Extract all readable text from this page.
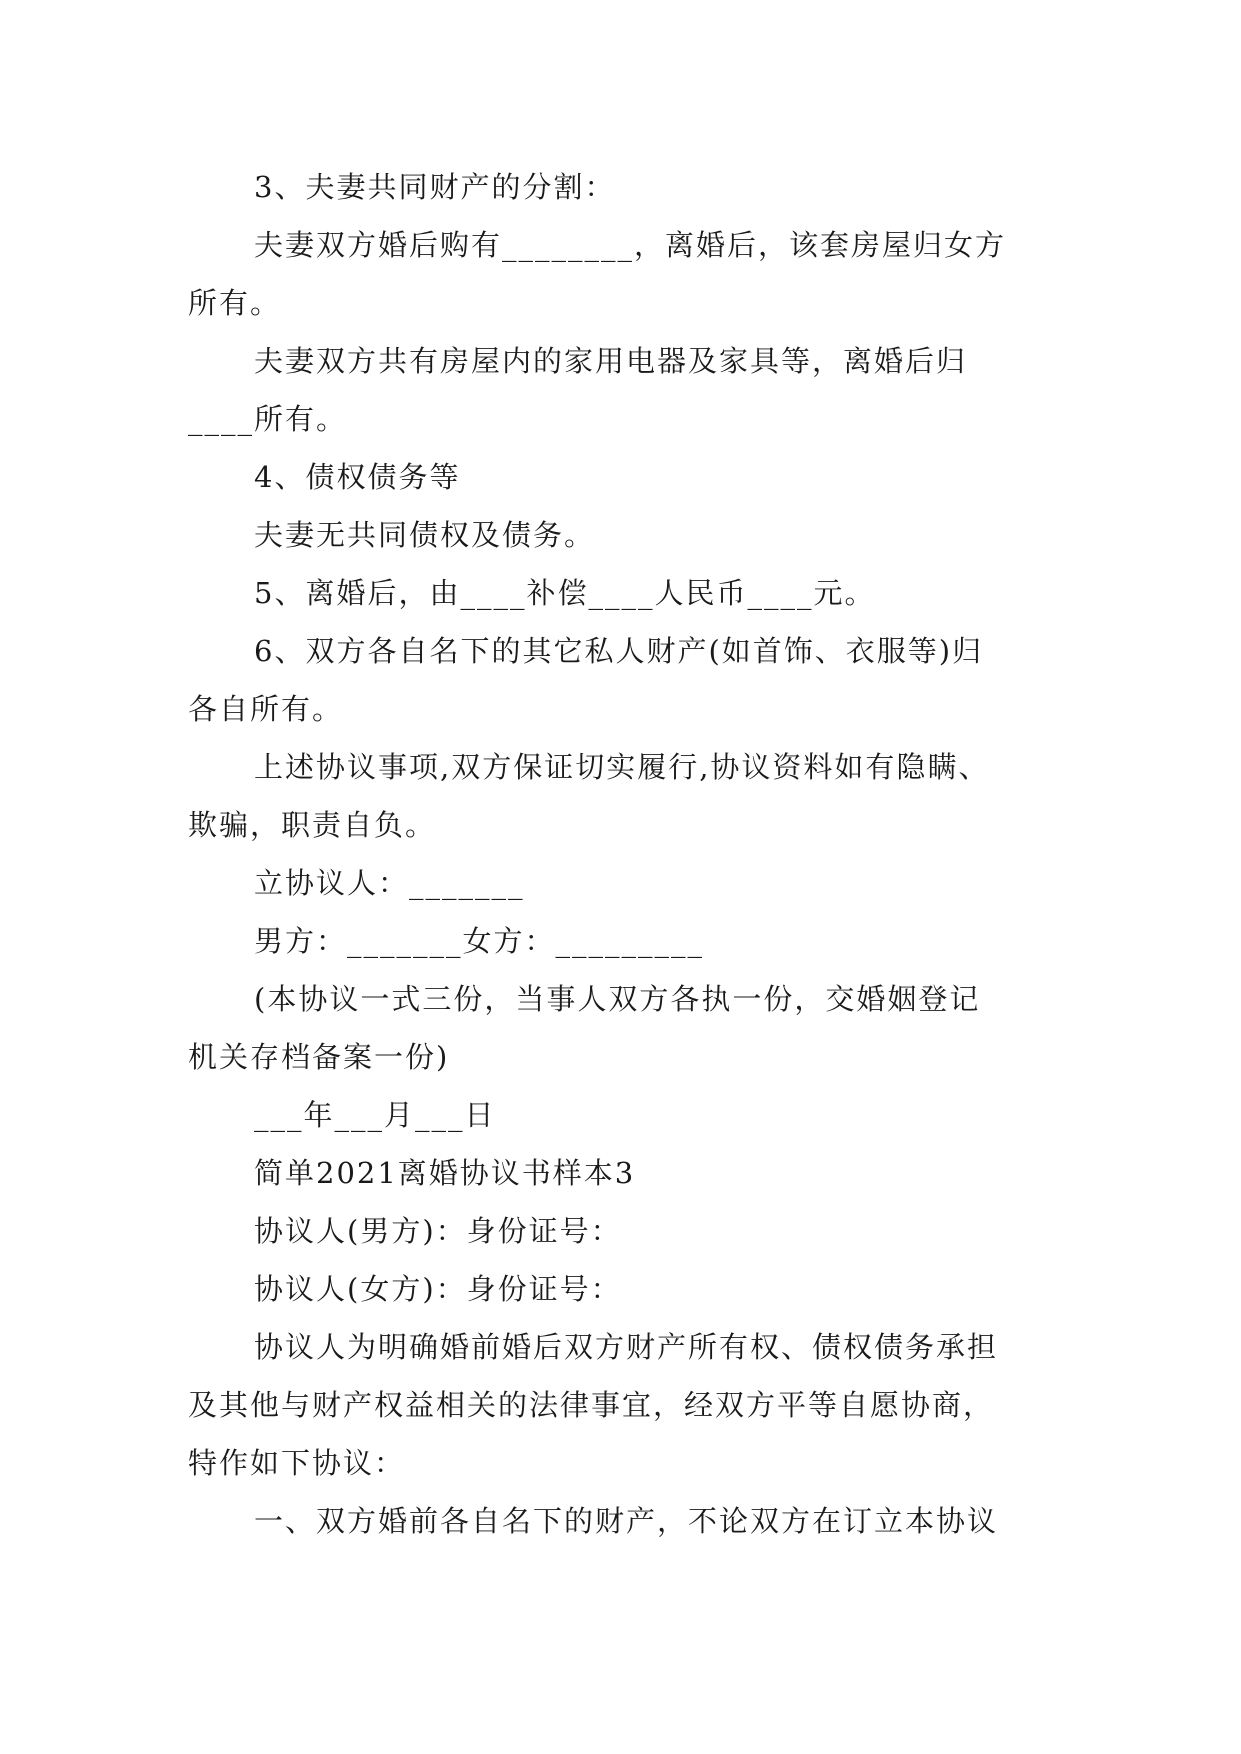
3、夫妻共同财产的分割：
夫妻双方婚后购有________，离婚后，该套房屋归女方
所有。
夫妻双方共有房屋内的家用电器及家具等，离婚后归
____所有。
4、债权债务等
夫妻无共同债权及债务。
5、离婚后，由____补偿____人民币____元。
6、双方各自名下的其它私人财产(如首饰、衣服等)归
各自所有。
上述协议事项,双方保证切实履行,协议资料如有隐瞒、
欺骗，职责自负。
立协议人：_______
男方：_______女方：_________
(本协议一式三份，当事人双方各执一份，交婚姻登记
机关存档备案一份)
___年___月___日
简单2021离婚协议书样本3
协议人(男方)：身份证号：
协议人(女方)：身份证号：
协议人为明确婚前婚后双方财产所有权、债权债务承担
及其他与财产权益相关的法律事宜，经双方平等自愿协商，
特作如下协议：
一、双方婚前各自名下的财产，不论双方在订立本协议
